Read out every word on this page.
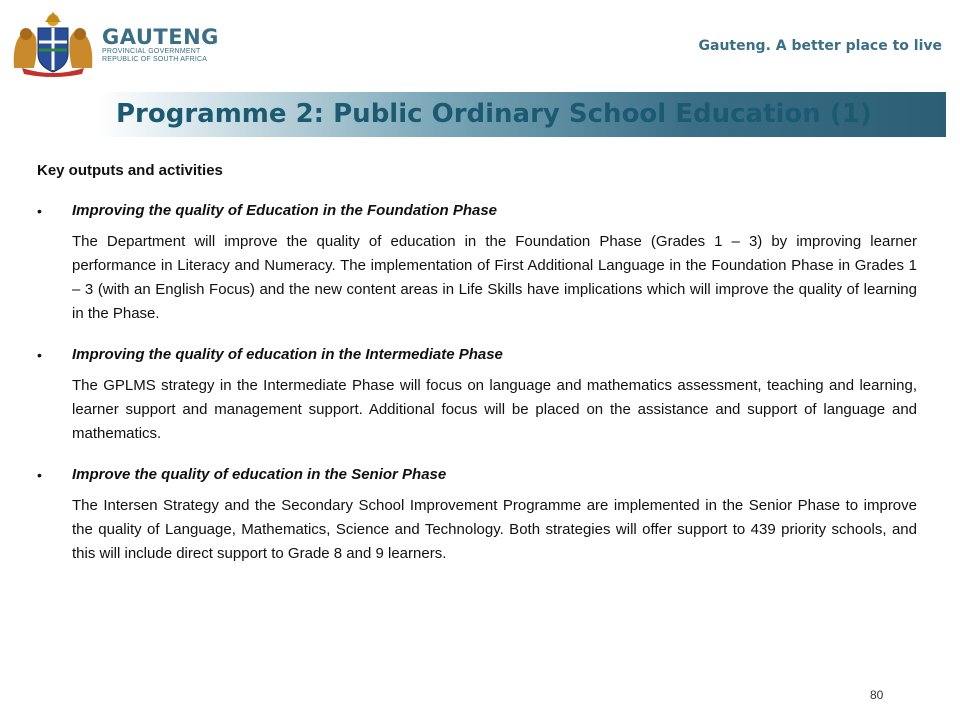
GAUTENG
PROVINCIAL GOVERNMENT
REPUBLIC OF SOUTH AFRICA
Gauteng. A better place to live
Programme 2: Public Ordinary School Education (1)

Key outputs and activities

• Improving the quality of Education in the Foundation Phase

The Department will improve the quality of education in the Foundation Phase (Grades 1 – 3) by improving learner performance in Literacy and Numeracy. The implementation of First Additional Language in the Foundation Phase in Grades 1 – 3 (with an English Focus) and the new content areas in Life Skills have implications which will improve the quality of learning in the Phase.

• Improving the quality of education in the Intermediate Phase

The GPLMS strategy in the Intermediate Phase will focus on language and mathematics assessment, teaching and learning, learner support and management support. Additional focus will be placed on the assistance and support of language and mathematics.

• Improve the quality of education in the Senior Phase

The Intersen Strategy and the Secondary School Improvement Programme are implemented in the Senior Phase to improve the quality of Language, Mathematics, Science and Technology. Both strategies will offer support to 439 priority schools, and this will include direct support to Grade 8 and 9 learners.

80
